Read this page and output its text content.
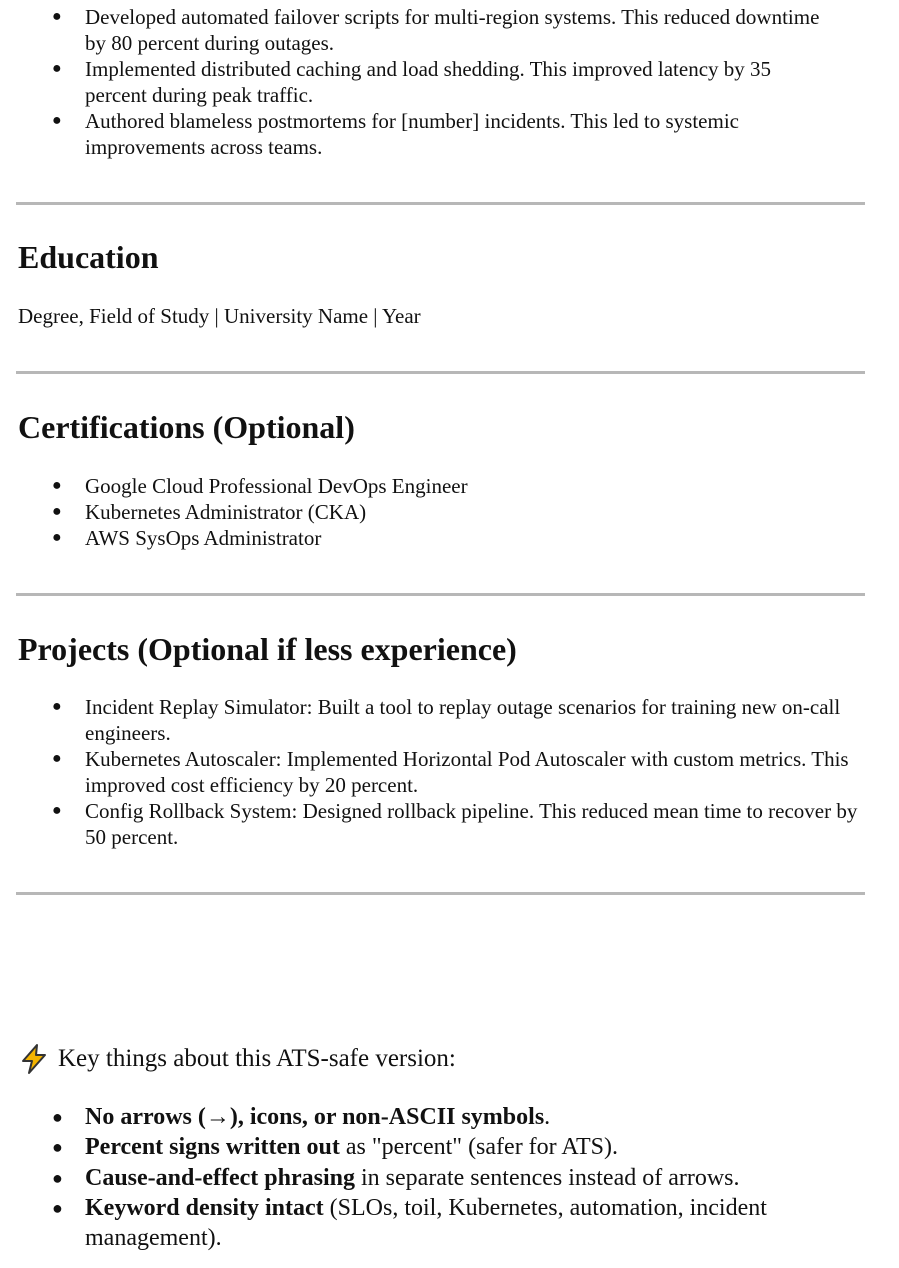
● Developed automated failover scripts for multi-region systems. This reduced downtime by 80 percent during outages.
● Implemented distributed caching and load shedding. This improved latency by 35 percent during peak traffic.
● Authored blameless postmortems for [number] incidents. This led to systemic improvements across teams.
Education
Degree, Field of Study | University Name | Year
Certifications (Optional)
● Google Cloud Professional DevOps Engineer
● Kubernetes Administrator (CKA)
● AWS SysOps Administrator
Projects (Optional if less experience)
● Incident Replay Simulator: Built a tool to replay outage scenarios for training new on-call engineers.
● Kubernetes Autoscaler: Implemented Horizontal Pod Autoscaler with custom metrics. This improved cost efficiency by 20 percent.
● Config Rollback System: Designed rollback pipeline. This reduced mean time to recover by 50 percent.
Key things about this ATS-safe version:
● No arrows (→), icons, or non-ASCII symbols.
● Percent signs written out as "percent" (safer for ATS).
● Cause-and-effect phrasing in separate sentences instead of arrows.
● Keyword density intact (SLOs, toil, Kubernetes, automation, incident management).
